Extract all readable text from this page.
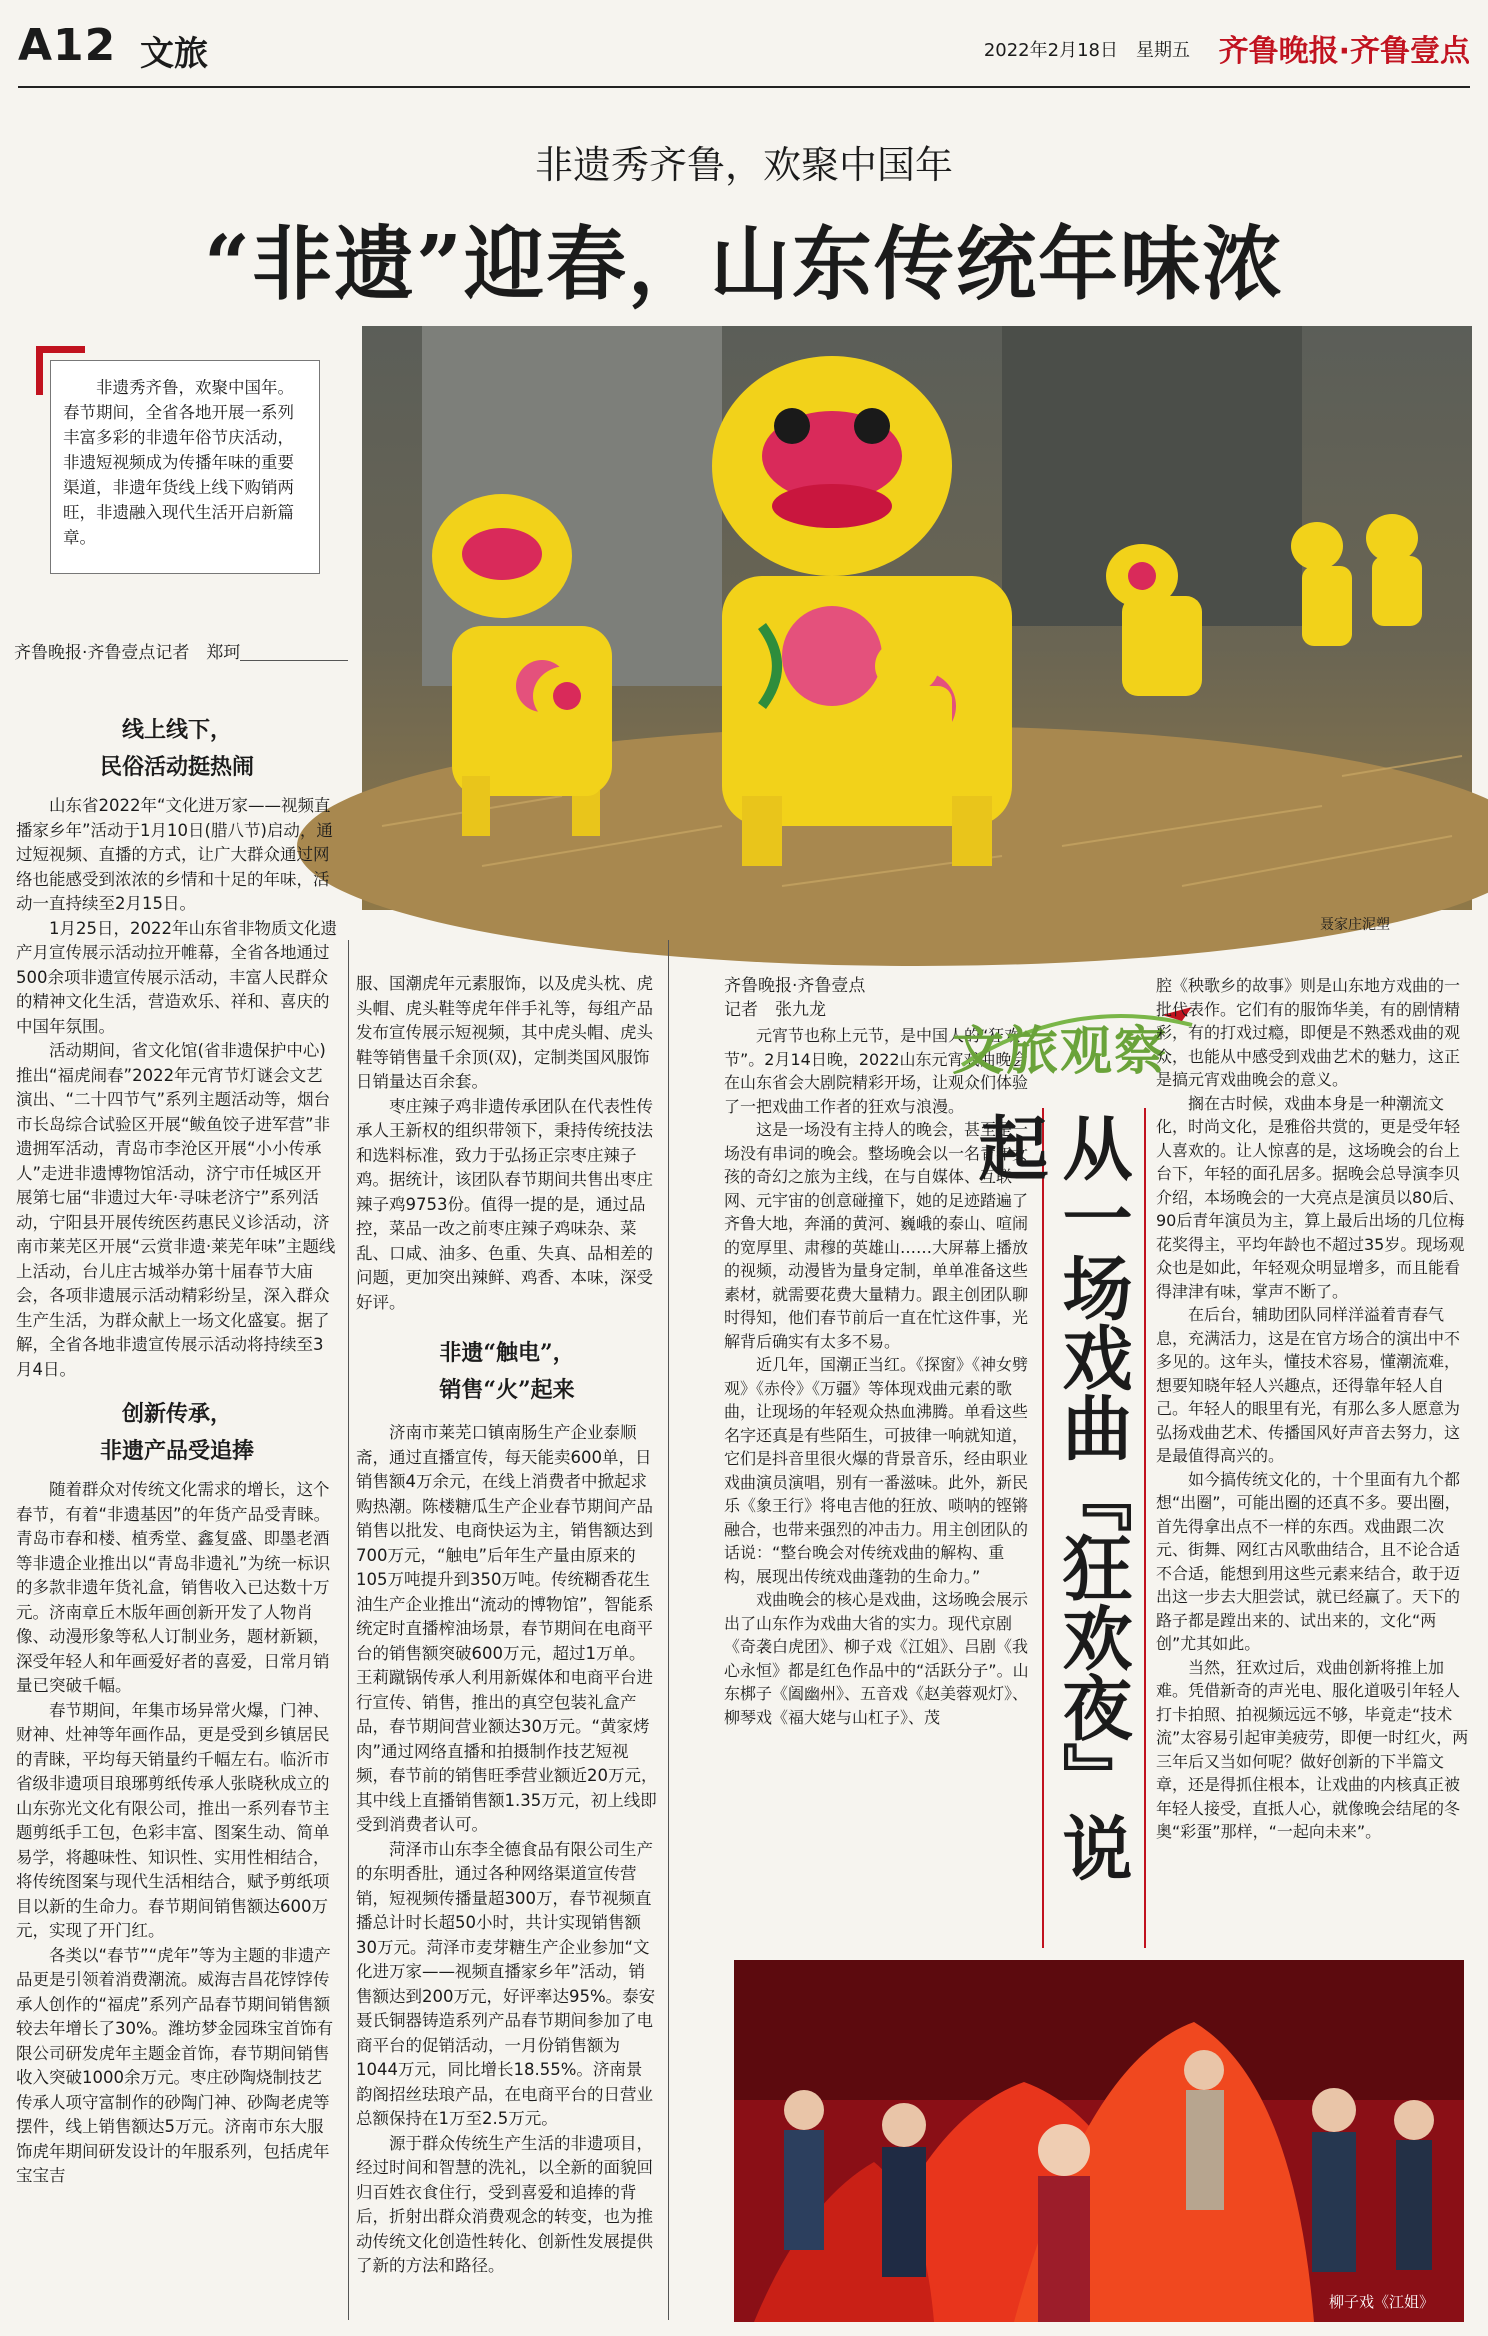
A12 文旅	2022年2月18日　星期五 齐鲁晚报·齐鲁壹点
非遗秀齐鲁，欢聚中国年
“非遗”迎春，山东传统年味浓
聂家庄泥塑
非遗秀齐鲁，欢聚中国年。春节期间，全省各地开展一系列丰富多彩的非遗年俗节庆活动，非遗短视频成为传播年味的重要渠道，非遗年货线上线下购销两旺，非遗融入现代生活开启新篇章。
齐鲁晚报·齐鲁壹点记者　郑珂
线上线下，
民俗活动挺热闹

山东省2022年“文化进万家——视频直播家乡年”活动于1月10日(腊八节)启动，通过短视频、直播的方式，让广大群众通过网络也能感受到浓浓的乡情和十足的年味，活动一直持续至2月15日。

1月25日，2022年山东省非物质文化遗产月宣传展示活动拉开帷幕，全省各地通过500余项非遗宣传展示活动，丰富人民群众的精神文化生活，营造欢乐、祥和、喜庆的中国年氛围。

活动期间，省文化馆(省非遗保护中心)推出“福虎闹春”2022年元宵节灯谜会文艺演出、“二十四节气”系列主题活动等，烟台市长岛综合试验区开展“鲅鱼饺子进军营”非遗拥军活动，青岛市李沧区开展“小小传承人”走进非遗博物馆活动，济宁市任城区开展第七届“非遗过大年·寻味老济宁”系列活动，宁阳县开展传统医药惠民义诊活动，济南市莱芜区开展“云赏非遗·莱芜年味”主题线上活动，台儿庄古城举办第十届春节大庙会，各项非遗展示活动精彩纷呈，深入群众生产生活，为群众献上一场文化盛宴。据了解，全省各地非遗宣传展示活动将持续至3月4日。

创新传承，
非遗产品受追捧

随着群众对传统文化需求的增长，这个春节，有着“非遗基因”的年货产品受青睐。青岛市春和楼、植秀堂、鑫复盛、即墨老酒等非遗企业推出以“青岛非遗礼”为统一标识的多款非遗年货礼盒，销售收入已达数十万元。济南章丘木版年画创新开发了人物肖像、动漫形象等私人订制业务，题材新颖，深受年轻人和年画爱好者的喜爱，日常月销量已突破千幅。

春节期间，年集市场异常火爆，门神、财神、灶神等年画作品，更是受到乡镇居民的青睐，平均每天销量约千幅左右。临沂市省级非遗项目琅琊剪纸传承人张晓秋成立的山东弥光文化有限公司，推出一系列春节主题剪纸手工包，色彩丰富、图案生动、简单易学，将趣味性、知识性、实用性相结合，将传统图案与现代生活相结合，赋予剪纸项目以新的生命力。春节期间销售额达600万元，实现了开门红。

各类以“春节”“虎年”等为主题的非遗产品更是引领着消费潮流。威海吉昌花饽饽传承人创作的“福虎”系列产品春节期间销售额较去年增长了30%。潍坊梦金园珠宝首饰有限公司研发虎年主题金首饰，春节期间销售收入突破1000余万元。枣庄砂陶烧制技艺传承人项守富制作的砂陶门神、砂陶老虎等摆件，线上销售额达5万元。济南市东大服饰虎年期间研发设计的年服系列，包括虎年宝宝吉

服、国潮虎年元素服饰，以及虎头枕、虎头帽、虎头鞋等虎年伴手礼等，每组产品发布宣传展示短视频，其中虎头帽、虎头鞋等销售量千余顶(双)，定制类国风服饰日销量达百余套。

枣庄辣子鸡非遗传承团队在代表性传承人王新权的组织带领下，秉持传统技法和选料标准，致力于弘扬正宗枣庄辣子鸡。据统计，该团队春节期间共售出枣庄辣子鸡9753份。值得一提的是，通过品控，菜品一改之前枣庄辣子鸡味杂、菜乱、口咸、油多、色重、失真、品相差的问题，更加突出辣鲜、鸡香、本味，深受好评。

非遗“触电”，
销售“火”起来

济南市莱芜口镇南肠生产企业泰顺斋，通过直播宣传，每天能卖600单，日销售额4万余元，在线上消费者中掀起求购热潮。陈楼糖瓜生产企业春节期间产品销售以批发、电商快运为主，销售额达到700万元，“触电”后年生产量由原来的105万吨提升到350万吨。传统糊香花生油生产企业推出“流动的博物馆”，智能系统定时直播榨油场景，春节期间在电商平台的销售额突破600万元，超过1万单。王莉蹴锅传承人利用新媒体和电商平台进行宣传、销售，推出的真空包装礼盒产品，春节期间营业额达30万元。“黄家烤肉”通过网络直播和拍摄制作技艺短视频，春节前的销售旺季营业额近20万元，其中线上直播销售额1.35万元，初上线即受到消费者认可。

菏泽市山东李全德食品有限公司生产的东明香肚，通过各种网络渠道宣传营销，短视频传播量超300万，春节视频直播总计时长超50小时，共计实现销售额30万元。菏泽市麦芽糖生产企业参加“文化进万家——视频直播家乡年”活动，销售额达到200万元，好评率达95%。泰安聂氏铜器铸造系列产品春节期间参加了电商平台的促销活动，一月份销售额为1044万元，同比增长18.55%。济南景韵阁招丝珐琅产品，在电商平台的日营业总额保持在1万至2.5万元。

源于群众传统生产生活的非遗项目，经过时间和智慧的洗礼，以全新的面貌回归百姓衣食住行，受到喜爱和追捧的背后，折射出群众消费观念的转变，也为推动传统文化创造性转化、创新性发展提供了新的方法和路径。

齐鲁晚报·齐鲁壹点
记者　张九龙

元宵节也称上元节，是中国人的“狂欢节”。2月14日晚，2022山东元宵戏曲晚会在山东省会大剧院精彩开场，让观众们体验了一把戏曲工作者的狂欢与浪漫。

这是一场没有主持人的晚会，甚至是一场没有串词的晚会。整场晚会以一名青年女孩的奇幻之旅为主线，在与自媒体、互联网、元宇宙的创意碰撞下，她的足迹踏遍了齐鲁大地，奔涌的黄河、巍峨的泰山、喧闹的宽厚里、肃穆的英雄山……大屏幕上播放的视频，动漫皆为量身定制，单单准备这些素材，就需要花费大量精力。跟主创团队聊时得知，他们春节前后一直在忙这件事，光解背后确实有太多不易。

近几年，国潮正当红。《探窗》《神女劈观》《赤伶》《万疆》等体现戏曲元素的歌曲，让现场的年轻观众热血沸腾。单看这些名字还真是有些陌生，可披律一响就知道，它们是抖音里很火爆的背景音乐，经由职业戏曲演员演唱，别有一番滋味。此外，新民乐《象王行》将电吉他的狂放、唢呐的铿锵融合，也带来强烈的冲击力。用主创团队的话说：“整台晚会对传统戏曲的解构、重构，展现出传统戏曲蓬勃的生命力。”

戏曲晚会的核心是戏曲，这场晚会展示出了山东作为戏曲大省的实力。现代京剧《奇袭白虎团》、柳子戏《江姐》、吕剧《我心永恒》都是红色作品中的“活跃分子”。山东梆子《阖幽州》、五音戏《赵美蓉观灯》、柳琴戏《福大姥与山杠子》、茂

文旅观察
从一场戏曲『狂欢夜』说起

腔《秧歌乡的故事》则是山东地方戏曲的一批代表作。它们有的服饰华美，有的剧情精彩，有的打戏过瘾，即便是不熟悉戏曲的观众，也能从中感受到戏曲艺术的魅力，这正是搞元宵戏曲晚会的意义。

搁在古时候，戏曲本身是一种潮流文化，时尚文化，是雅俗共赏的，更是受年轻人喜欢的。让人惊喜的是，这场晚会的台上台下，年轻的面孔居多。据晚会总导演李贝介绍，本场晚会的一大亮点是演员以80后、90后青年演员为主，算上最后出场的几位梅花奖得主，平均年龄也不超过35岁。现场观众也是如此，年轻观众明显增多，而且能看得津津有味，掌声不断了。

在后台，辅助团队同样洋溢着青春气息，充满活力，这是在官方场合的演出中不多见的。这年头，懂技术容易，懂潮流难，想要知晓年轻人兴趣点，还得靠年轻人自己。年轻人的眼里有光，有那么多人愿意为弘扬戏曲艺术、传播国风好声音去努力，这是最值得高兴的。

如今搞传统文化的，十个里面有九个都想“出圈”，可能出圈的还真不多。要出圈，首先得拿出点不一样的东西。戏曲跟二次元、街舞、网红古风歌曲结合，且不论合适不合适，能想到用这些元素来结合，敢于迈出这一步去大胆尝试，就已经赢了。天下的路子都是蹚出来的、试出来的，文化“两创”尤其如此。

当然，狂欢过后，戏曲创新将推上加难。凭借新奇的声光电、服化道吸引年轻人打卡拍照、拍视频远远不够，毕竟走“技术流”太容易引起审美疲劳，即便一时红火，两三年后又当如何呢？做好创新的下半篇文章，还是得抓住根本，让戏曲的内核真正被年轻人接受，直抵人心，就像晚会结尾的冬奥“彩蛋”那样，“一起向未来”。

柳子戏《江姐》
